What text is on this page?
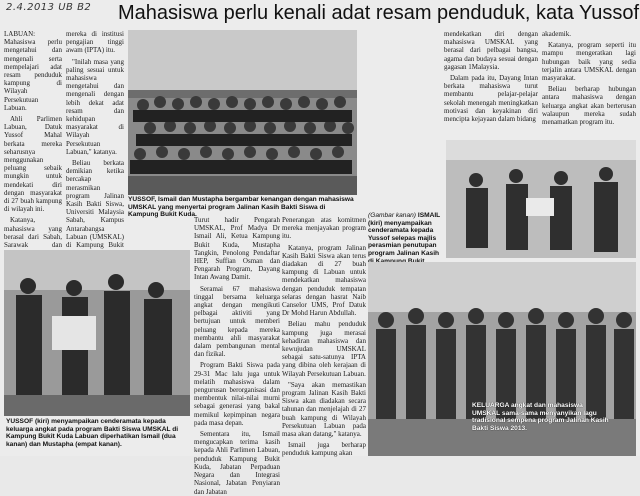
2.4.2013 UB B2 Mahasiswa perlu kenali adat resam penduduk, kata Yussof

LABUAN: Mahasiswa perlu mengetahui dan mengenali serta mempelajari adat resam penduduk kampung di Wilayah Persekutuan Labuan.

Ahli Parlimen Labuan, Datuk Yussof Mahal berkata mereka seharusnya menggunakan peluang sebaik mungkin untuk mendekati diri dengan masyarakat di 27 buah kampung di wilayah ini.

Katanya, mahasiswa yang berasal dari Sabah, Sarawak dan

mereka di institusi pengajian tinggi awam (IPTA) itu.

"Inilah masa yang paling sesuai untuk mahasiswa mengetahui dan mengenali dengan lebih dekat adat resam dan kehidupan masyarakat di Wilayah Persekutuan Labuan," katanya.

Beliau berkata demikian ketika bercakap merasmikan program Jalinan Kasih Bakti Siswa, Universiti Malaysia Sabah, Kampus Antarabangsa Labuan (UMSKAL) di Kampung Bukit

YUSSOF, Ismail dan Mustapha bergambar kenangan dengan mahasiswa UMSKAL yang menyertai program Jalinan Kasih Bakti Siswa di Kampung Bukit Kuda.

mendekatkan diri dengan mahasiswa UMSKAL yang berasal dari pelbagai bangsa, agama dan budaya sesuai dengan gagasan 1Malaysia.

Dalam pada itu, Dayang Intan berkata mahasiswa turut membantu pelajar-pelajar sekolah menengah meningkatkan motivasi dan keyakinan diri mencipta kejayaan dalam bidang

akademik.

Katanya, program seperti itu mampu mengeratkan lagi hubungan baik yang sedia terjalin antara UMSKAL dengan masyarakat.

Beliau berharap hubungan antara mahasiswa dengan keluarga angkat akan berterusan walaupun mereka sudah menamatkan program itu.

(Gambar kanan) ISMAIL (kiri) menyampaikan cenderamata kepada Yussof selepas majlis perasmian penutupan program Jalinan Kasih

Turut hadir Pengarah UMSKAL, Prof Madya Dr Ismail Ali, Ketua Kampung Bukit Kuda, Mustapha Tangkin, Penolong Pendaftar HEP, Suffian Osman dan Pengarah Program, Dayang Intan Awang Damit.

Seramai 67 mahasiswa tinggal bersama keluarga angkat dengan mengikuti pelbagai aktiviti yang bertujuan untuk memberi peluang kepada mereka membantu ahli masyarakat dalam pembangunan mental dan fizikal.

Program Bakti Siswa pada 29-31 Mac lalu juga untuk melatih mahasiswa dalam pengurusan berorganisasi dan membentuk nilai-nilai murni sebagai generasi yang bakal memikul kepimpinan negara pada masa depan.

Sementara itu, Ismail mengucapkan terima kasih kepada Ahli Parlimen Labuan, penduduk Kampung Bukit Kuda, Jabatan Perpaduan Negara dan Integrasi Nasional, Jabatan Penyiaran dan Jabatan

Penerangan atas komitmen mereka menjayakan program itu.

Katanya, program Jalinan Kasih Bakti Siswa akan terus diadakan di 27 buah kampung di Labuan untuk mendekatkan mahasiswa dengan penduduk tempatan selaras dengan hasrat Naib Canselor UMS, Prof Datuk Dr Mohd Harun Abdullah.

Beliau mahu penduduk kampung juga merasai kehadiran mahasiswa dan kewujudan UMSKAL sebagai satu-satunya IPTA yang dibina oleh kerajaan di Wilayah Persekutuan Labuan.

"Saya akan memastikan program Jalinan Kasih Bakti Siswa akan diadakan secara tahunan dan menjelajah di 27 buah kampung di Wilayah Persekutuan Labuan pada masa akan datang," katanya.

Ismail juga berharap penduduk kampung akan

YUSSOF (kiri) menyampaikan cenderamata kepada keluarga angkat pada program Bakti Siswa UMSKAL di Kampung Bukit Kuda Labuan diperhatikan Ismail (dua kanan) dan Mustapha (empat kanan).
KELUARGA angkat dan mahasiswa UMSKAL sama-sama menyanyikan lagu tradisional sempena program Jalinan Kasih Bakti Siswa 2013.
